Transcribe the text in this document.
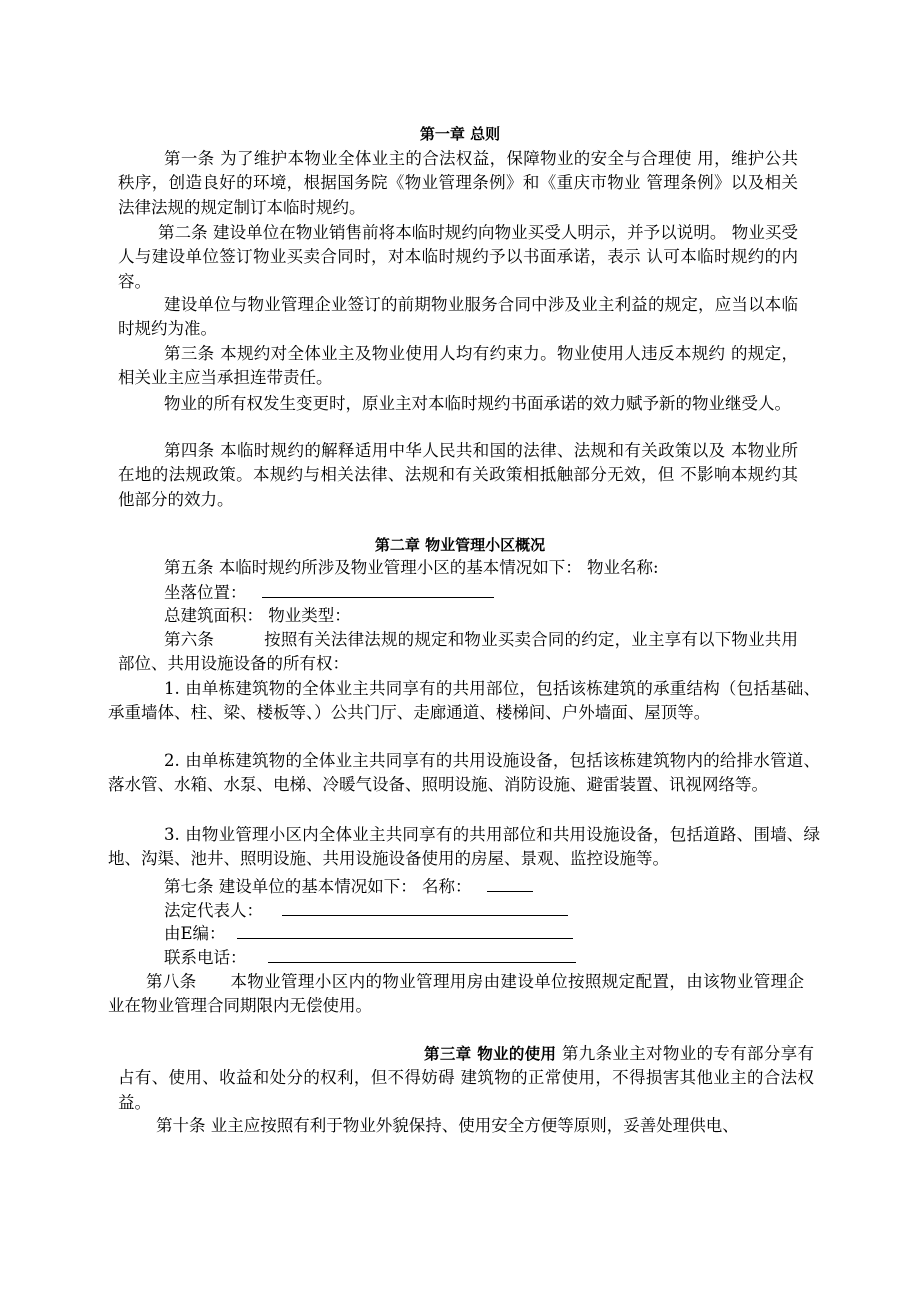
第一章 总则

第一条 为了维护本物业全体业主的合法权益，保障物业的安全与合理使 用，维护公共秩序，创造良好的环境，根据国务院《物业管理条例》和《重庆市物业 管理条例》以及相关法律法规的规定制订本临时规约。

第二条 建设单位在物业销售前将本临时规约向物业买受人明示，并予以说明。 物业买受人与建设单位签订物业买卖合同时，对本临时规约予以书面承诺，表示 认可本临时规约的内容。

建设单位与物业管理企业签订的前期物业服务合同中涉及业主利益的规定，应当以本临时规约为准。

第三条 本规约对全体业主及物业使用人均有约束力。物业使用人违反本规约 的规定，相关业主应当承担连带责任。

物业的所有权发生变更时，原业主对本临时规约书面承诺的效力赋予新的物业继受人。

第四条 本临时规约的解释适用中华人民共和国的法律、法规和有关政策以及 本物业所在地的法规政策。本规约与相关法律、法规和有关政策相抵触部分无效，但 不影响本规约其他部分的效力。

第二章 物业管理小区概况

第五条 本临时规约所涉及物业管理小区的基本情况如下： 物业名称:

坐落位置：

总建筑面积： 物业类型：

第六条　　　按照有关法律法规的规定和物业买卖合同的约定，业主享有以下物业共用部位、共用设施设备的所有权：

1. 由单栋建筑物的全体业主共同享有的共用部位，包括该栋建筑的承重结构（包括基础、承重墙体、柱、梁、楼板等、）公共门厅、走廊通道、楼梯间、户外墙面、屋顶等。

2. 由单栋建筑物的全体业主共同享有的共用设施设备，包括该栋建筑物内的给排水管道、落水管、水箱、水泵、电梯、冷暖气设备、照明设施、消防设施、避雷装置、讯视网络等。

3. 由物业管理小区内全体业主共同享有的共用部位和共用设施设备，包括道路、围墙、绿地、沟渠、池井、照明设施、共用设施设备使用的房屋、景观、监控设施等。

第七条 建设单位的基本情况如下： 名称：
法定代表人：
由E编：
联系电话：

第八条　　本物业管理小区内的物业管理用房由建设单位按照规定配置，由该物业管理企业在物业管理合同期限内无偿使用。

第三章 物业的使用 第九条业主对物业的专有部分享有占有、使用、收益和处分的权利，但不得妨碍 建筑物的正常使用，不得损害其他业主的合法权益。

第十条 业主应按照有利于物业外貌保持、使用安全方便等原则，妥善处理供电、
